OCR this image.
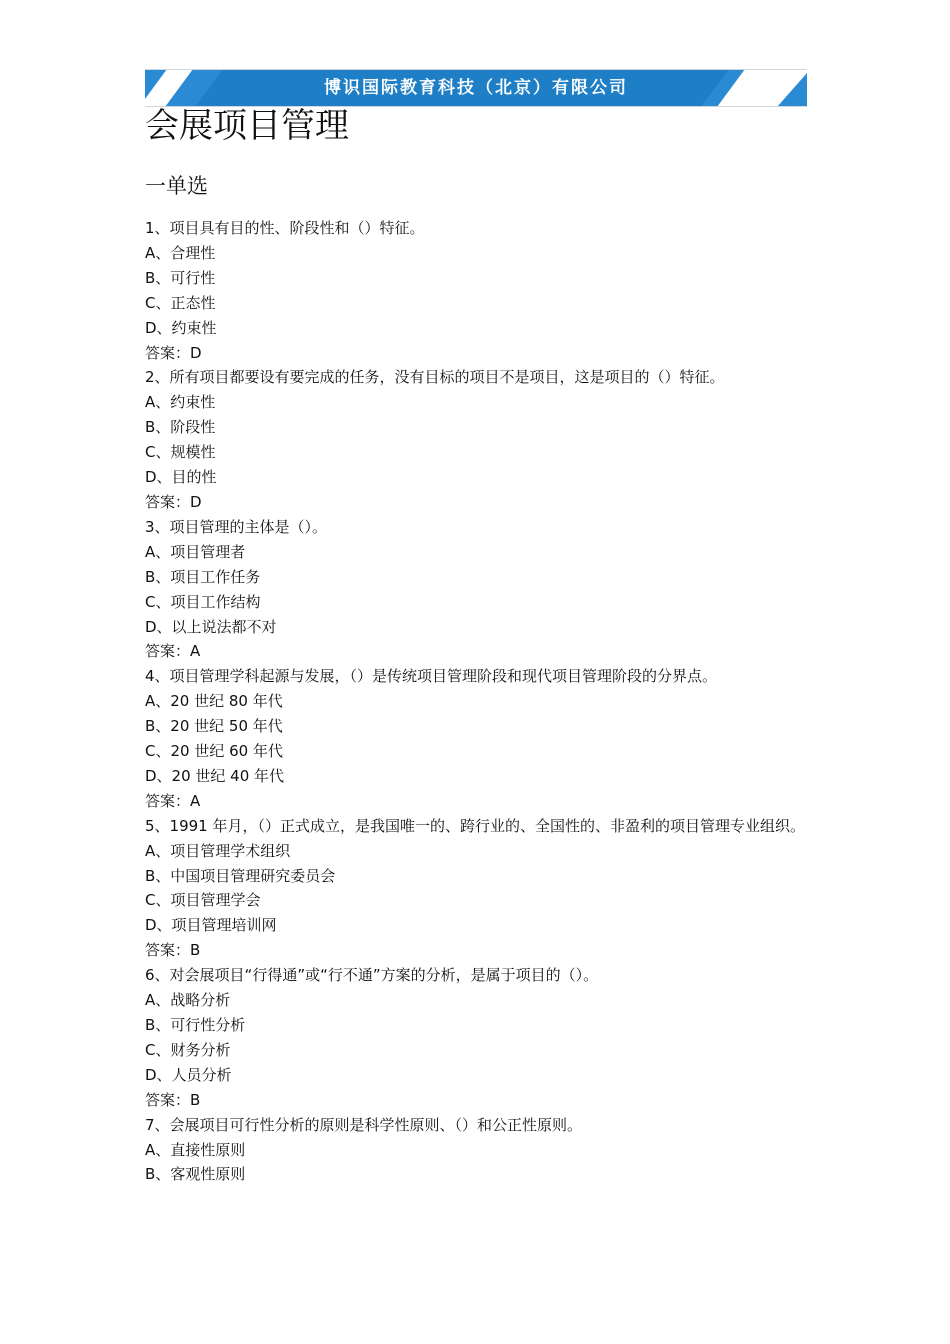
博识国际教育科技（北京）有限公司
会展项目管理
一单选
1、项目具有目的性、阶段性和（）特征。
A、合理性
B、可行性
C、正态性
D、约束性
答案：D
2、所有项目都要设有要完成的任务，没有目标的项目不是项目，这是项目的（）特征。
A、约束性
B、阶段性
C、规模性
D、目的性
答案：D
3、项目管理的主体是（）。
A、项目管理者
B、项目工作任务
C、项目工作结构
D、以上说法都不对
答案：A
4、项目管理学科起源与发展，（）是传统项目管理阶段和现代项目管理阶段的分界点。
A、20 世纪 80 年代
B、20 世纪 50 年代
C、20 世纪 60 年代
D、20 世纪 40 年代
答案：A
5、1991 年月，（）正式成立，是我国唯一的、跨行业的、全国性的、非盈利的项目管理专业组织。
A、项目管理学术组织
B、中国项目管理研究委员会
C、项目管理学会
D、项目管理培训网
答案：B
6、对会展项目“行得通”或“行不通”方案的分析，是属于项目的（）。
A、战略分析
B、可行性分析
C、财务分析
D、人员分析
答案：B
7、会展项目可行性分析的原则是科学性原则、（）和公正性原则。
A、直接性原则
B、客观性原则
